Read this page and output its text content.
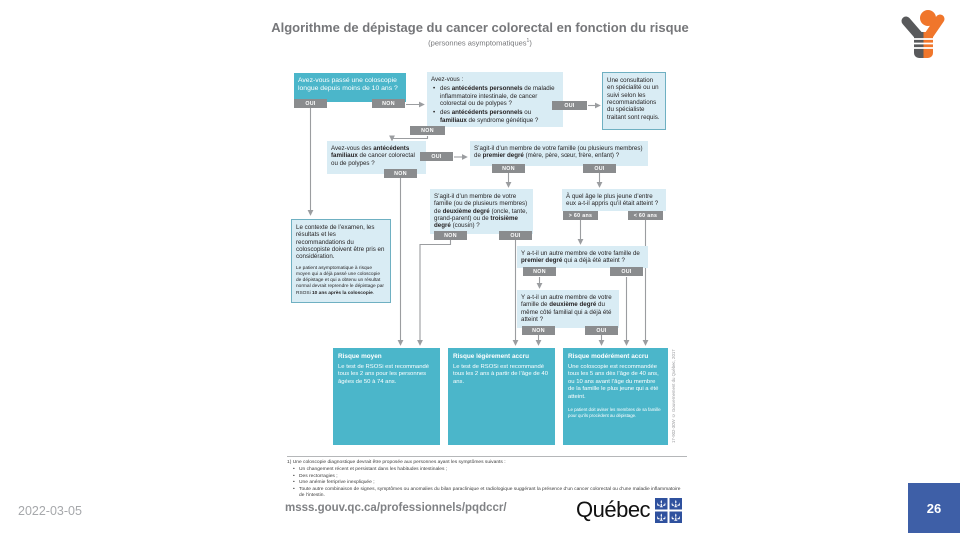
Algorithme de dépistage du cancer colorectal en fonction du risque
(personnes asymptomatiques$^1$)
Avez-vous passé une coloscopie longue depuis moins de 10 ans ?
OUI	NON
Avez-vous :
• des antécédents personnels de maladie inflammatoire intestinale, de cancer colorectal ou de polypes ?
• des antécédents personnels ou familiaux de syndrome génétique ?
OUI
NON
Une consultation en spécialité ou un suivi selon les recommandations du spécialiste traitant sont requis.
Avez-vous des antécédents familiaux de cancer colorectal ou de polypes ?
OUI
NON
S’agit-il d’un membre de votre famille (ou plusieurs membres) de premier degré (mère, père, sœur, frère, enfant) ?
NON	OUI
S’agit-il d’un membre de votre famille (ou de plusieurs membres) de deuxième degré (oncle, tante, grand-parent) ou de troisième degré (cousin) ?
NON	OUI
À quel âge le plus jeune d’entre eux a-t-il appris qu’il était atteint ?
> 60 ans	< 60 ans
Y a-t-il un autre membre de votre famille de premier degré qui a déjà été atteint ?
NON	OUI
Y a-t-il un autre membre de votre famille de deuxième degré du même côté familial qui a déjà été atteint ?
NON	OUI
Le contexte de l’examen, les résultats et les recommandations du coloscopiste doivent être pris en considération.
Le patient asymptomatique à risque moyen qui a déjà passé une coloscopie de dépistage et qui a obtenu un résultat normal devrait reprendre le dépistage par RSOSi 10 ans après la coloscopie.
Risque moyen
Le test de RSOSi est recommandé tous les 2 ans pour les personnes âgées de 50 à 74 ans.
Risque légèrement accru
Le test de RSOSi est recommandé tous les 2 ans à partir de l’âge de 40 ans.
Risque modérément accru
Une coloscopie est recommandée tous les 5 ans dès l’âge de 40 ans, ou 10 ans avant l’âge du membre de la famille le plus jeune qui a été atteint.
Le patient doit aviser les membres de sa famille pour qu’ils procèdent au dépistage.	17-902-30W © Gouvernement du Québec, 2017
1) Une coloscopie diagnostique devrait être proposée aux personnes ayant les symptômes suivants :
• Un changement récent et persistant dans les habitudes intestinales ;
• Des rectorragies ;
• Une anémie ferriprive inexpliquée ;
• Toute autre combinaison de signes, symptômes ou anomalies du bilan paraclinique et radiologique suggérant la présence d’un cancer colorectal ou d’une maladie inflammatoire de l’intestin.
2022-03-05	msss.gouv.qc.ca/professionnels/pqdccr/	Québec	26
